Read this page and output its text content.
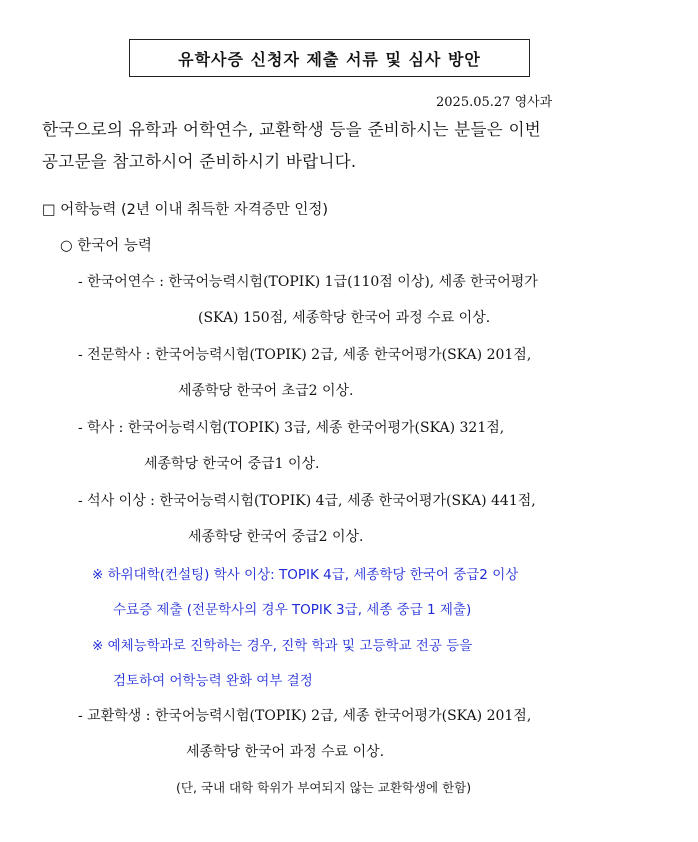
유학사증 신청자 제출 서류 및 심사 방안
2025.05.27 영사과
한국으로의 유학과 어학연수, 교환학생 등을 준비하시는 분들은 이번
공고문을 참고하시어 준비하시기 바랍니다.
□ 어학능력 (2년 이내 취득한 자격증만 인정)
○ 한국어 능력
- 한국어연수 : 한국어능력시험(TOPIK) 1급(110점 이상), 세종 한국어평가
(SKA) 150점, 세종학당 한국어 과정 수료 이상.
- 전문학사 : 한국어능력시험(TOPIK) 2급, 세종 한국어평가(SKA) 201점,
세종학당 한국어 초급2 이상.
- 학사 : 한국어능력시험(TOPIK) 3급, 세종 한국어평가(SKA) 321점,
세종학당 한국어 중급1 이상.
- 석사 이상 : 한국어능력시험(TOPIK) 4급, 세종 한국어평가(SKA) 441점,
세종학당 한국어 중급2 이상.
※ 하위대학(컨설팅) 학사 이상: TOPIK 4급, 세종학당 한국어 중급2 이상
수료증 제출 (전문학사의 경우 TOPIK 3급, 세종 중급 1 제출)
※ 예체능학과로 진학하는 경우, 진학 학과 및 고등학교 전공 등을
검토하여 어학능력 완화 여부 결정
- 교환학생 : 한국어능력시험(TOPIK) 2급, 세종 한국어평가(SKA) 201점,
세종학당 한국어 과정 수료 이상.
(단, 국내 대학 학위가 부여되지 않는 교환학생에 한함)
